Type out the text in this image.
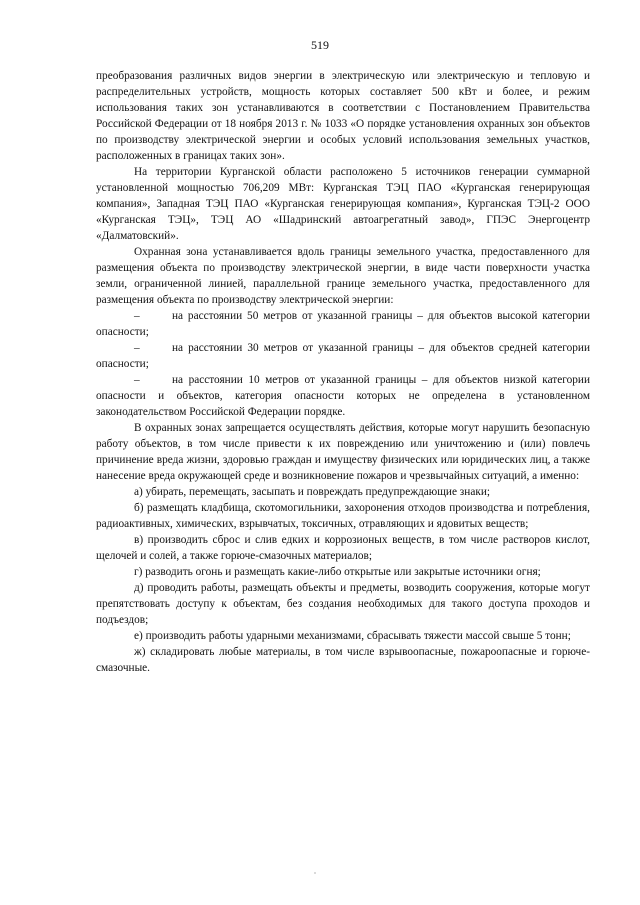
519

преобразования различных видов энергии в электрическую или электрическую и тепловую и распределительных устройств, мощность которых составляет 500 кВт и более, и режим использования таких зон устанавливаются в соответствии с Постановлением Правительства Российской Федерации от 18 ноября 2013 г. № 1033 «О порядке установления охранных зон объектов по производству электрической энергии и особых условий использования земельных участков, расположенных в границах таких зон».

На территории Курганской области расположено 5 источников генерации суммарной установленной мощностью 706,209 МВт: Курганская ТЭЦ ПАО «Курганская генерирующая компания», Западная ТЭЦ ПАО «Курганская генерирующая компания», Курганская ТЭЦ-2 ООО «Курганская ТЭЦ», ТЭЦ АО «Шадринский автоагрегатный завод», ГПЭС Энергоцентр «Далматовский».

Охранная зона устанавливается вдоль границы земельного участка, предоставленного для размещения объекта по производству электрической энергии, в виде части поверхности участка земли, ограниченной линией, параллельной границе земельного участка, предоставленного для размещения объекта по производству электрической энергии:

–	на расстоянии 50 метров от указанной границы – для объектов высокой категории опасности;

–	на расстоянии 30 метров от указанной границы – для объектов средней категории опасности;

–	на расстоянии 10 метров от указанной границы – для объектов низкой категории опасности и объектов, категория опасности которых не определена в установленном законодательством Российской Федерации порядке.

В охранных зонах запрещается осуществлять действия, которые могут нарушить безопасную работу объектов, в том числе привести к их повреждению или уничтожению и (или) повлечь причинение вреда жизни, здоровью граждан и имуществу физических или юридических лиц, а также нанесение вреда окружающей среде и возникновение пожаров и чрезвычайных ситуаций, а именно:

а) убирать, перемещать, засыпать и повреждать предупреждающие знаки;

б) размещать кладбища, скотомогильники, захоронения отходов производства и потребления, радиоактивных, химических, взрывчатых, токсичных, отравляющих и ядовитых веществ;

в) производить сброс и слив едких и коррозионых веществ, в том числе растворов кислот, щелочей и солей, а также горюче-смазочных материалов;

г) разводить огонь и размещать какие-либо открытые или закрытые источники огня;

д) проводить работы, размещать объекты и предметы, возводить сооружения, которые могут препятствовать доступу к объектам, без создания необходимых для такого доступа проходов и подъездов;

е) производить работы ударными механизмами, сбрасывать тяжести массой свыше 5 тонн;

ж) складировать любые материалы, в том числе взрывоопасные, пожароопасные и горюче-смазочные.
